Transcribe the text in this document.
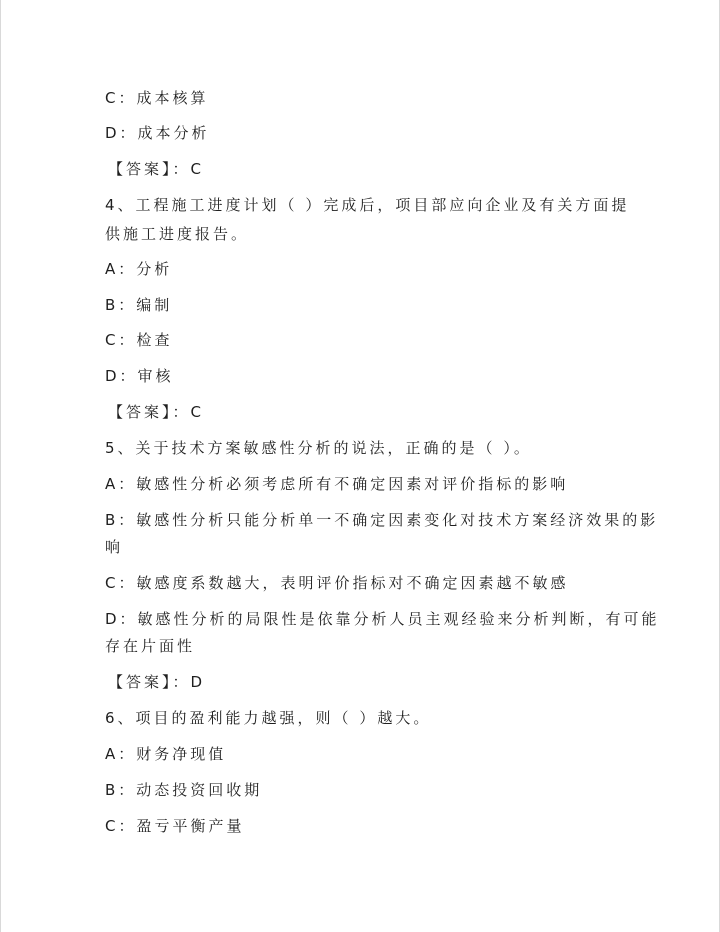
C：成本核算
D：成本分析
【答案】：C
4、工程施工进度计划（ ）完成后，项目部应向企业及有关方面提
供施工进度报告。
A：分析
B：编制
C：检查
D：审核
【答案】：C
5、关于技术方案敏感性分析的说法，正确的是（ ）。
A：敏感性分析必须考虑所有不确定因素对评价指标的影响
B：敏感性分析只能分析单一不确定因素变化对技术方案经济效果的影
响
C：敏感度系数越大，表明评价指标对不确定因素越不敏感
D：敏感性分析的局限性是依靠分析人员主观经验来分析判断，有可能
存在片面性
【答案】：D
6、项目的盈利能力越强，则（ ）越大。
A：财务净现值
B：动态投资回收期
C：盈亏平衡产量
